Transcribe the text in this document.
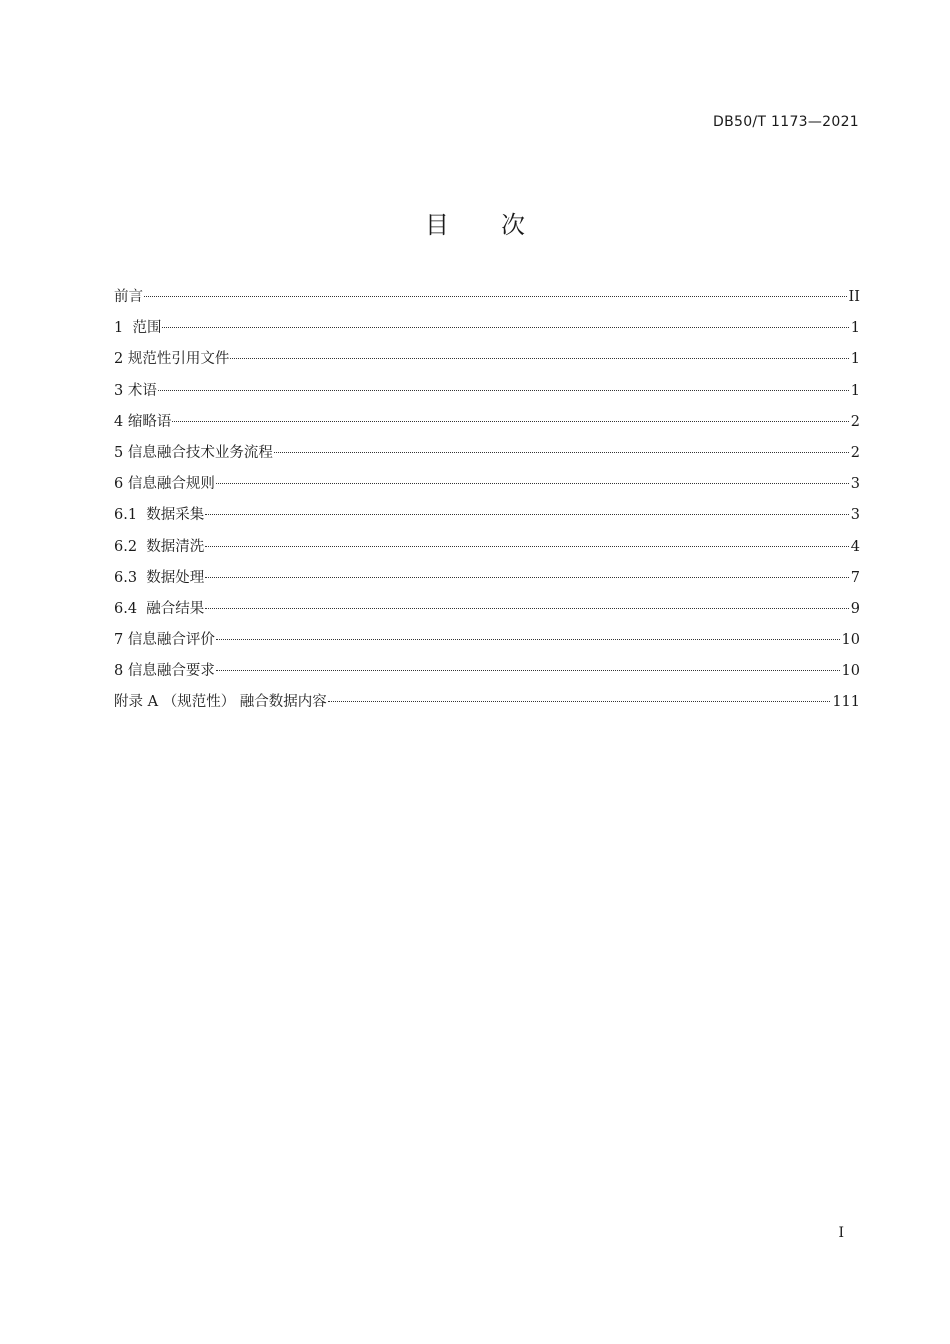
DB50/T 1173—2021
目 次
前言	II
1  范围	1
2 规范性引用文件	1
3 术语	1
4 缩略语	2
5 信息融合技术业务流程	2
6 信息融合规则	3
6.1  数据采集	3
6.2  数据清洗	4
6.3  数据处理	7
6.4  融合结果	9
7 信息融合评价	10
8 信息融合要求	10
附录 A （规范性） 融合数据内容	111
I
